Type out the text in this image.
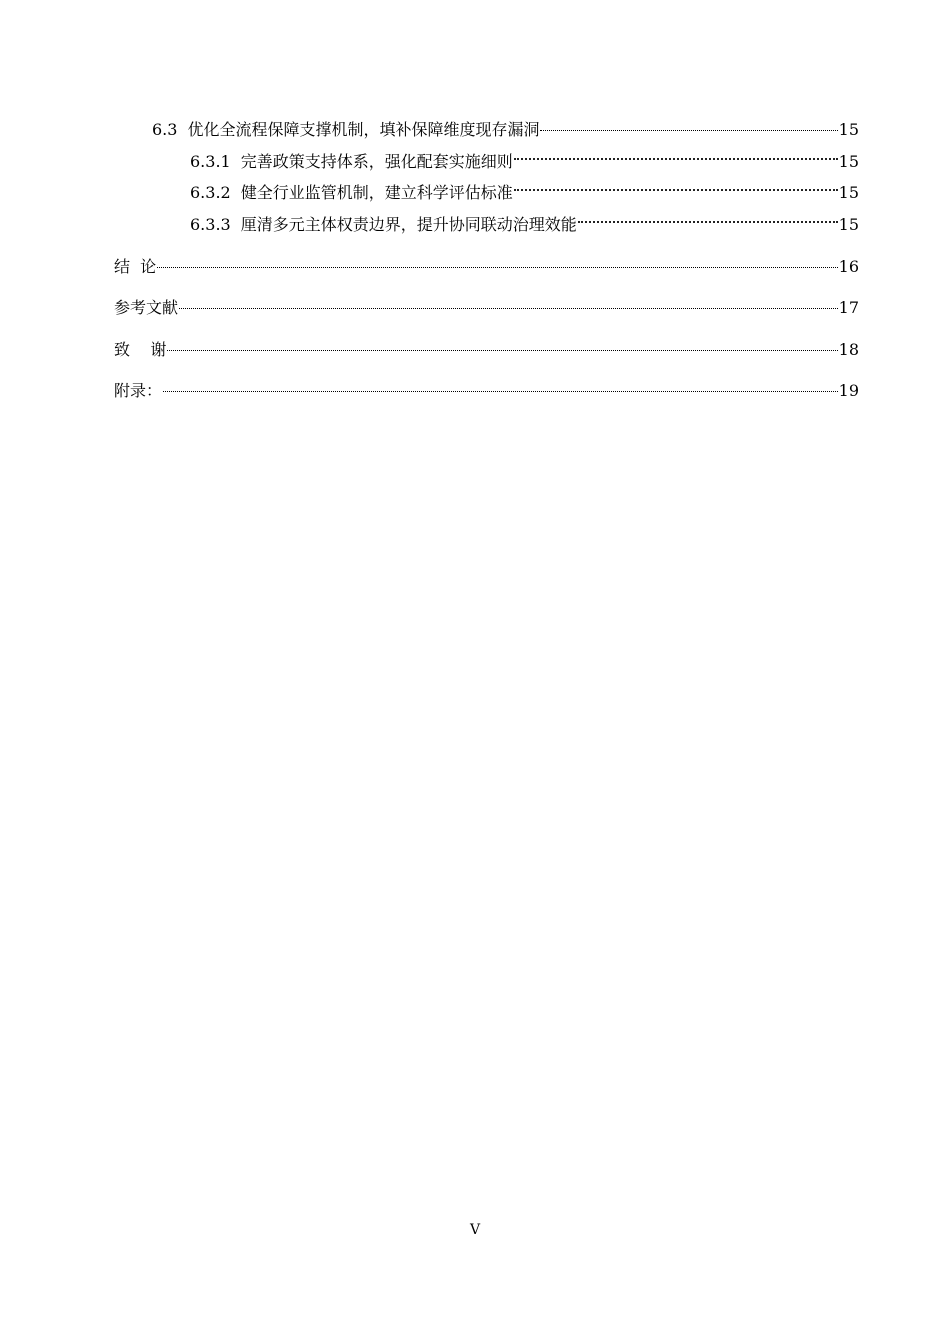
6.3 优化全流程保障支撑机制，填补保障维度现存漏洞	15
6.3.1 完善政策支持体系，强化配套实施细则	15
6.3.2 健全行业监管机制，建立科学评估标准	15
6.3.3 厘清多元主体权责边界，提升协同联动治理效能	15
结  论	16
参考文献	17
致    谢	18
附录：	19
V
